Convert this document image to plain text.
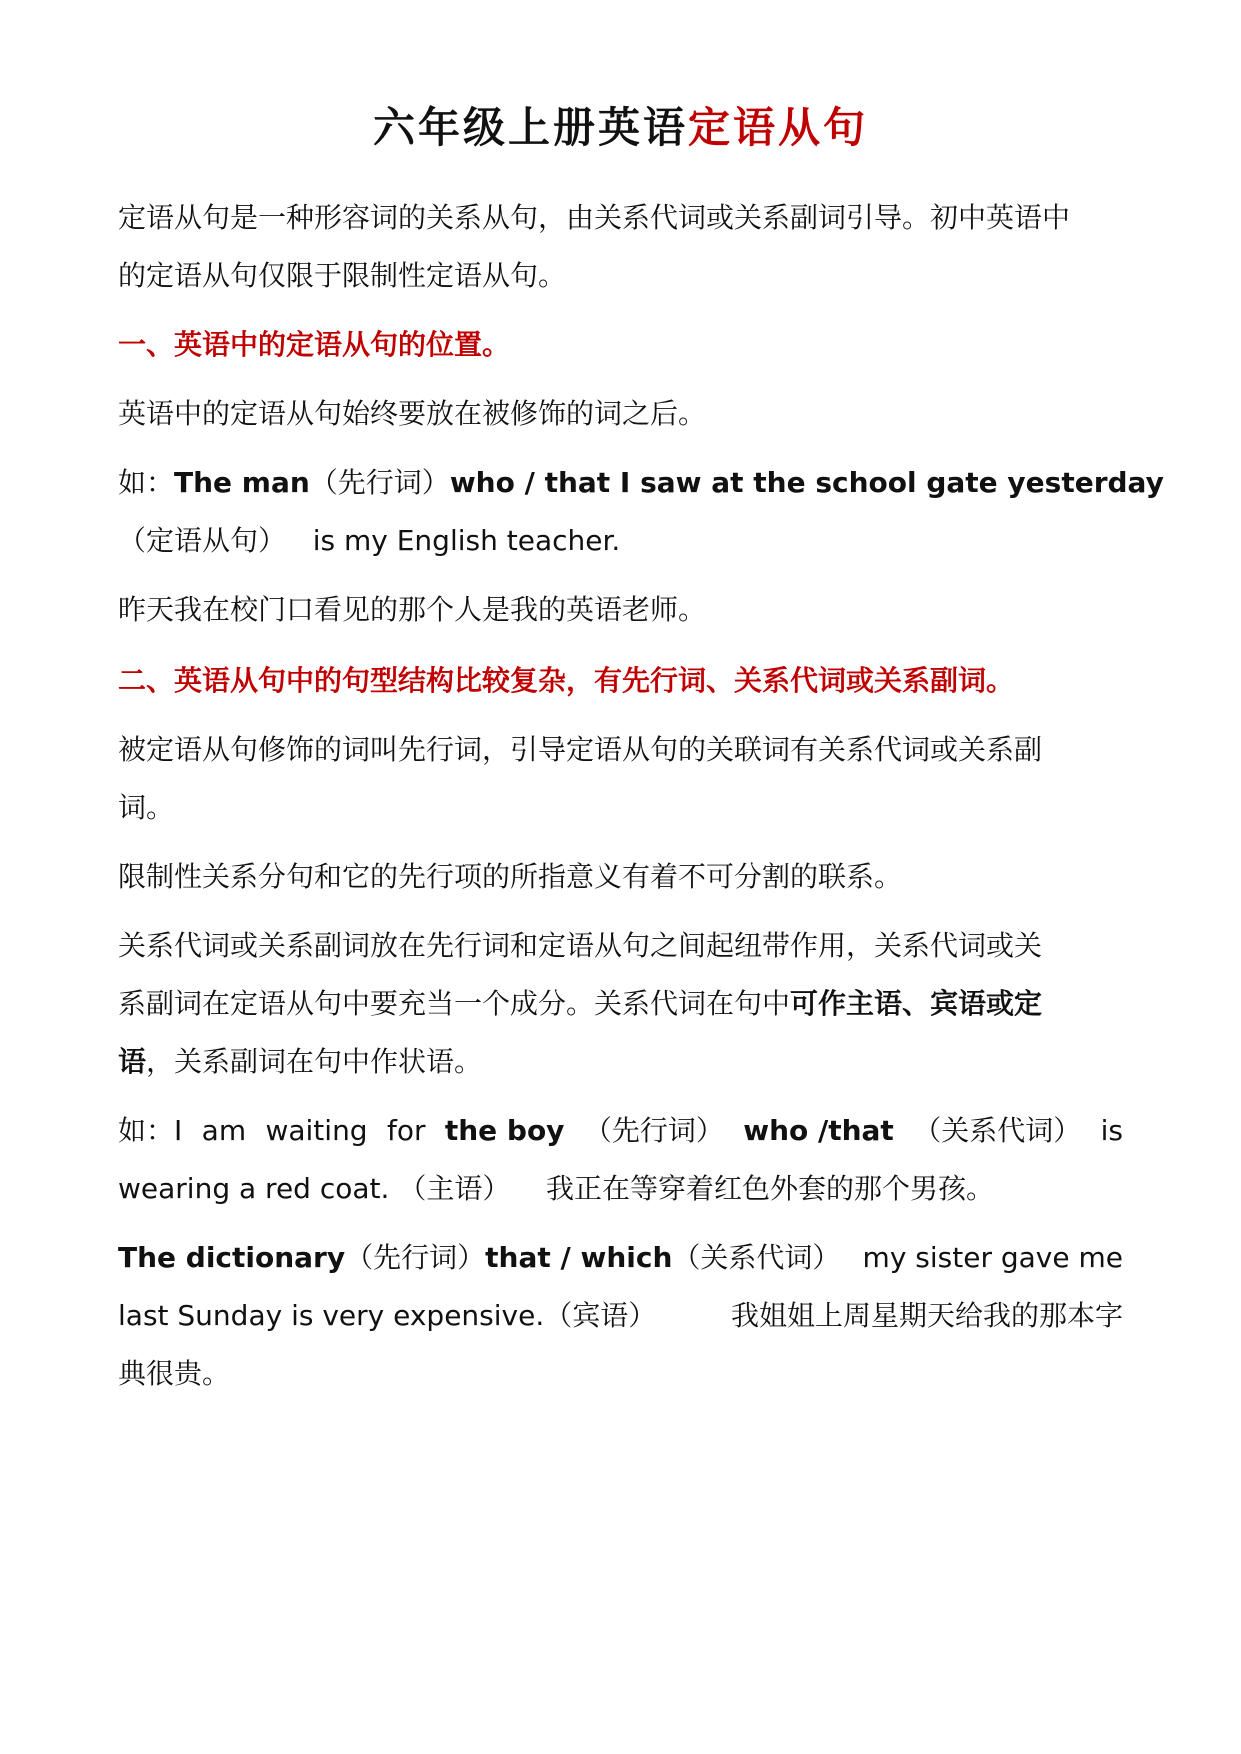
六年级上册英语定语从句
定语从句是一种形容词的关系从句，由关系代词或关系副词引导。初中英语中
的定语从句仅限于限制性定语从句。
一、英语中的定语从句的位置。
英语中的定语从句始终要放在被修饰的词之后。
如：The man（先行词） who / that I saw at the school gate yesterday
（定语从句） is my English teacher.
昨天我在校门口看见的那个人是我的英语老师。
二、英语从句中的句型结构比较复杂，有先行词、关系代词或关系副词。
被定语从句修饰的词叫先行词，引导定语从句的关联词有关系代词或关系副
词。
限制性关系分句和它的先行项的所指意义有着不可分割的联系。
关系代词或关系副词放在先行词和定语从句之间起纽带作用，关系代词或关
系副词在定语从句中要充当一个成分。关系代词在句中可作主语、宾语或定
语，关系副词在句中作状语。
如：I am waiting for the boy （先行词） who /that （关系代词） is
wearing a red coat. （主语） 我正在等穿着红色外套的那个男孩。
The dictionary（先行词）that / which（关系代词） my sister gave me
last Sunday is very expensive.（宾语）	我姐姐上周星期天给我的那本字
典很贵。
